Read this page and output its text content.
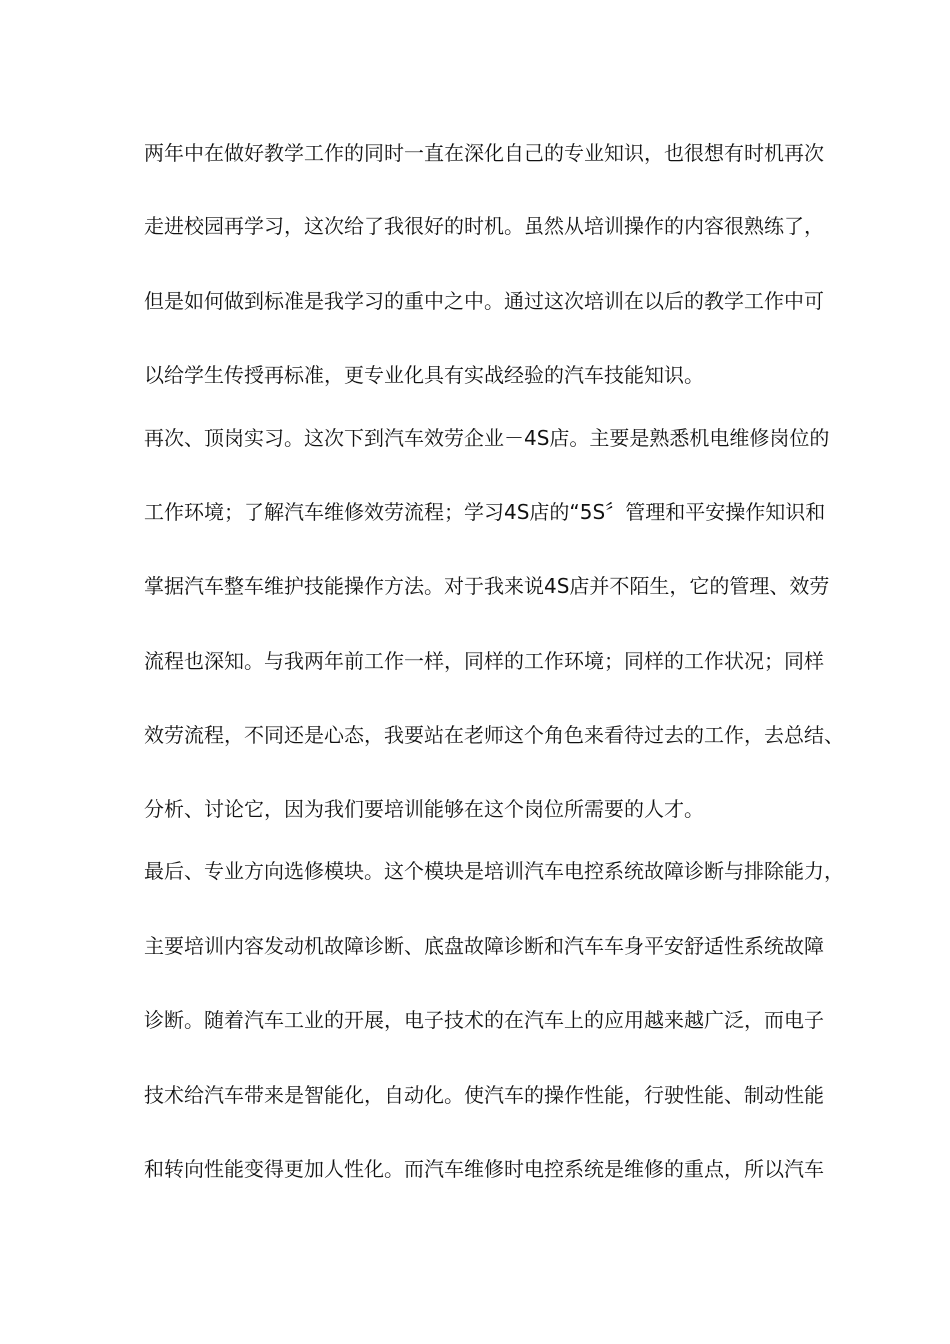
两年中在做好教学工作的同时一直在深化自己的专业知识，也很想有时机再次
走进校园再学习，这次给了我很好的时机。虽然从培训操作的内容很熟练了，
但是如何做到标准是我学习的重中之中。通过这次培训在以后的教学工作中可
以给学生传授再标准，更专业化具有实战经验的汽车技能知识。
再次、顶岗实习。这次下到汽车效劳企业－4S店。主要是熟悉机电维修岗位的
工作环境；了解汽车维修效劳流程；学习4S店的“5S〞管理和平安操作知识和
掌据汽车整车维护技能操作方法。对于我来说4S店并不陌生，它的管理、效劳
流程也深知。与我两年前工作一样，同样的工作环境；同样的工作状况；同样
效劳流程，不同还是心态，我要站在老师这个角色来看待过去的工作，去总结、
分析、讨论它，因为我们要培训能够在这个岗位所需要的人才。
最后、专业方向选修模块。这个模块是培训汽车电控系统故障诊断与排除能力，
主要培训内容发动机故障诊断、底盘故障诊断和汽车车身平安舒适性系统故障
诊断。随着汽车工业的开展，电子技术的在汽车上的应用越来越广泛，而电子
技术给汽车带来是智能化，自动化。使汽车的操作性能，行驶性能、制动性能
和转向性能变得更加人性化。而汽车维修时电控系统是维修的重点，所以汽车
